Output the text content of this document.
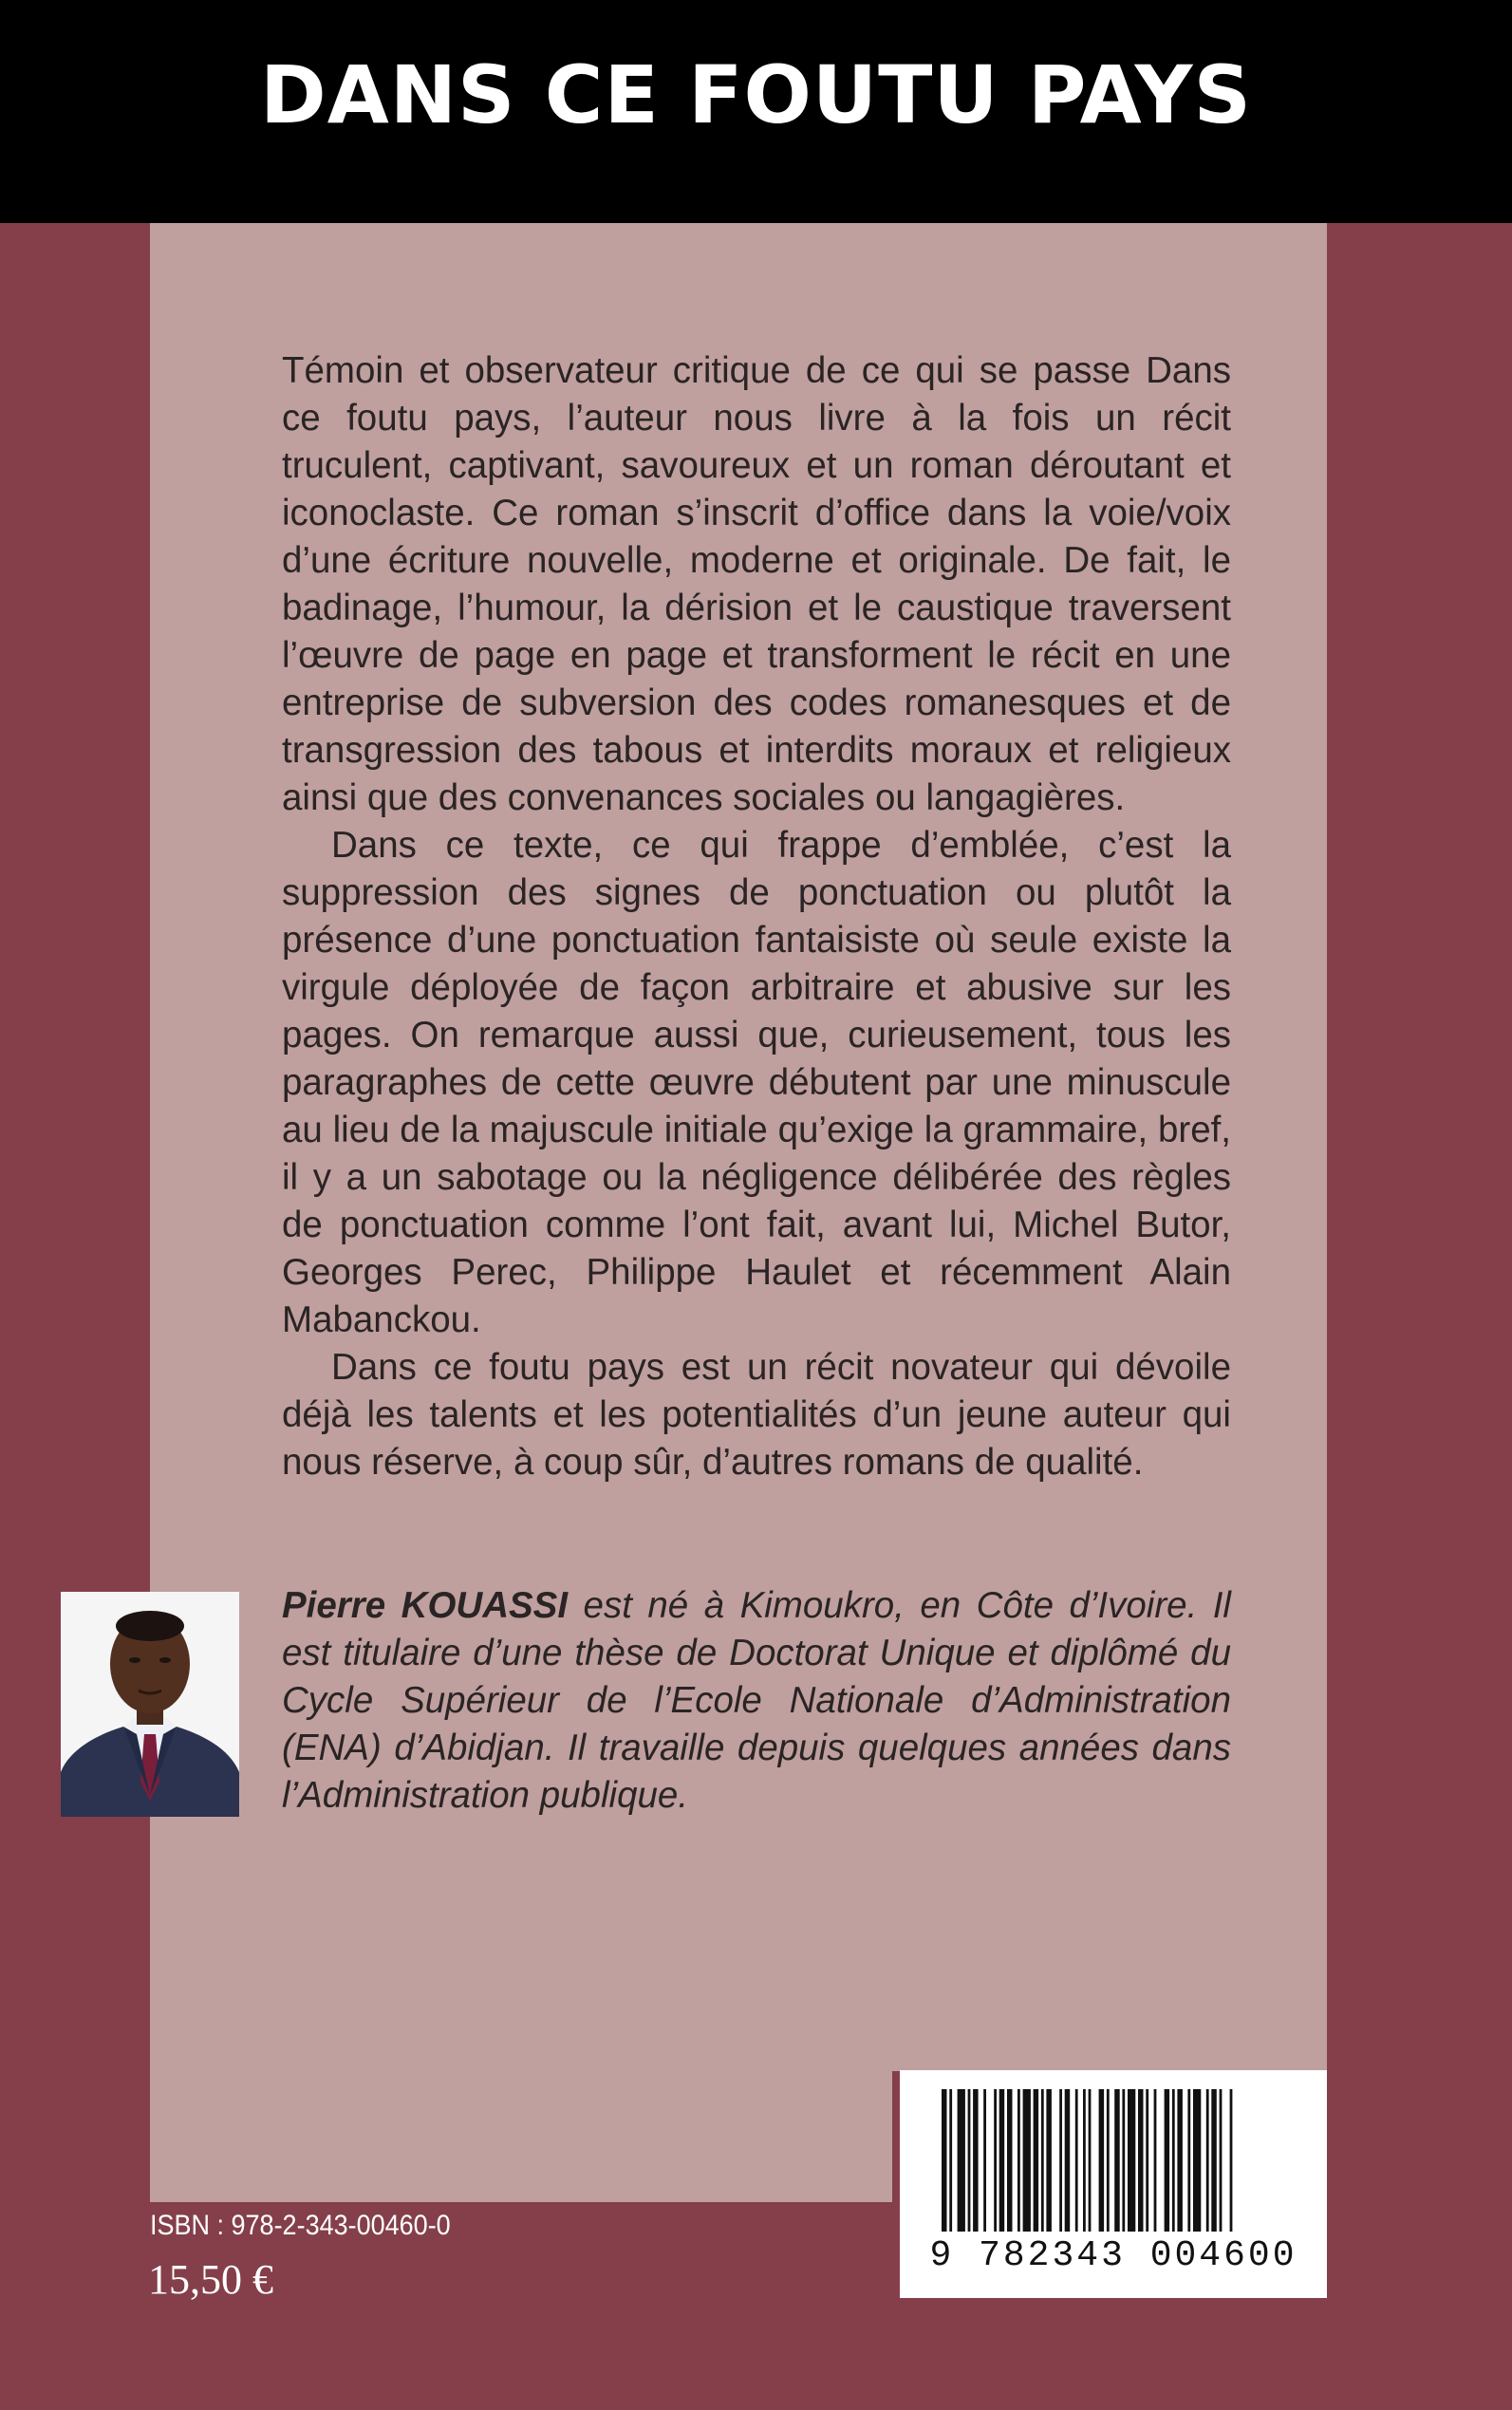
DANS CE FOUTU PAYS

Témoin et observateur critique de ce qui se passe Dans ce foutu pays, l’auteur nous livre à la fois un récit truculent, captivant, savoureux et un roman déroutant et iconoclaste. Ce roman s’inscrit d’office dans la voie/voix d’une écriture nouvelle, moderne et originale. De fait, le badinage, l’humour, la dérision et le caustique traversent l’œuvre de page en page et transforment le récit en une entreprise de subversion des codes romanesques et de transgression des tabous et interdits moraux et religieux ainsi que des convenances sociales ou langagières.

Dans ce texte, ce qui frappe d’emblée, c’est la suppression des signes de ponctuation ou plutôt la présence d’une ponctuation fantaisiste où seule existe la virgule déployée de façon arbitraire et abusive sur les pages. On remarque aussi que, curieusement, tous les paragraphes de cette œuvre débutent par une minuscule au lieu de la majuscule initiale qu’exige la grammaire, bref, il y a un sabotage ou la négligence délibérée des règles de ponctuation comme l’ont fait, avant lui, Michel Butor, Georges Perec, Philippe Haulet et récemment Alain Mabanckou.

Dans ce foutu pays est un récit novateur qui dévoile déjà les talents et les potentialités d’un jeune auteur qui nous réserve, à coup sûr, d’autres romans de qualité.

Pierre KOUASSI est né à Kimoukro, en Côte d’Ivoire. Il est titulaire d’une thèse de Doctorat Unique et diplômé du Cycle Supérieur de l’Ecole Nationale d’Administration (ENA) d’Abidjan. Il travaille depuis quelques années dans l’Administration publique.
9 782343 004600
ISBN : 978-2-343-00460-0
15,50 €
